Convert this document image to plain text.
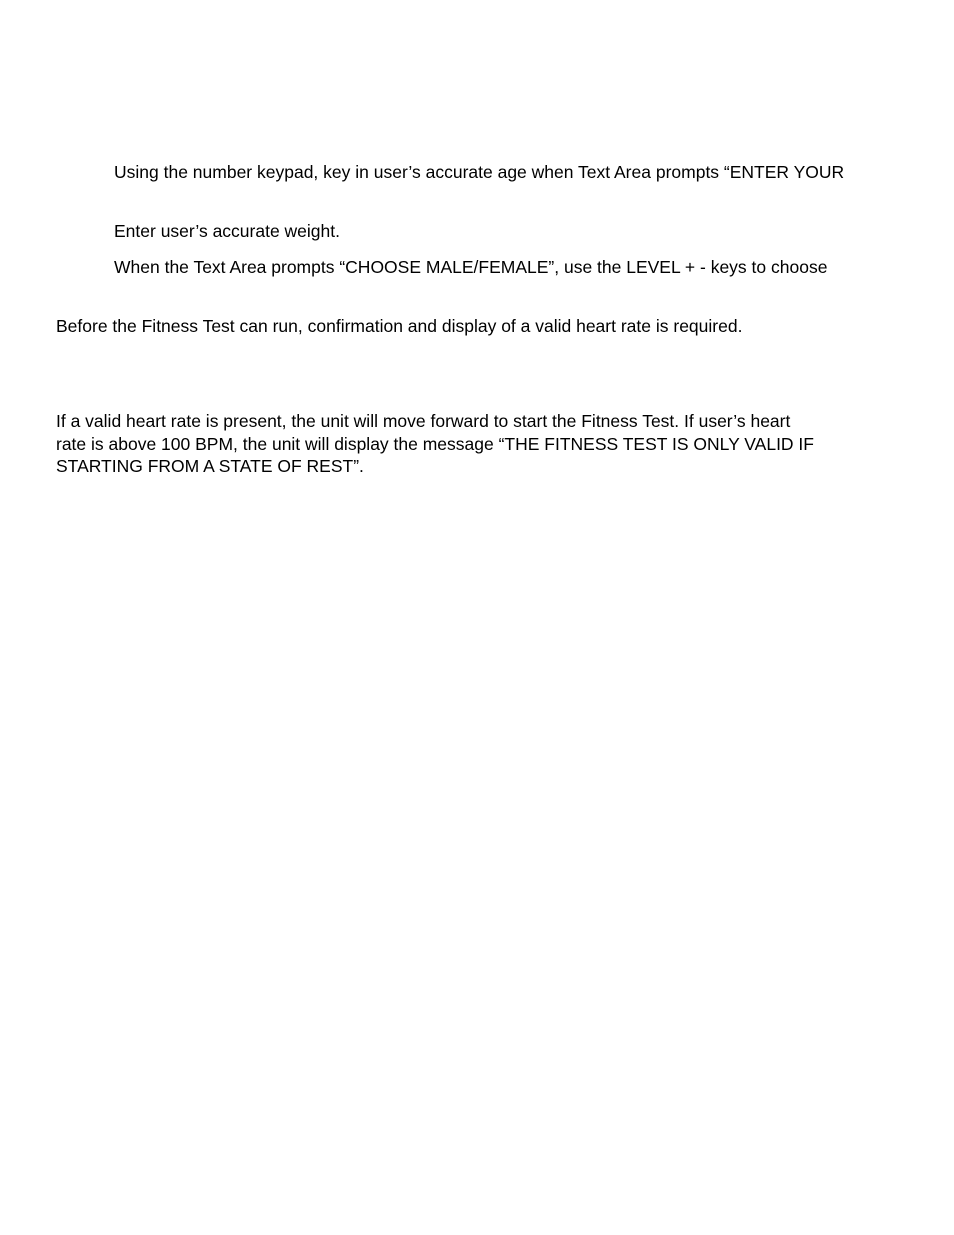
Using the number keypad, key in user’s accurate age when Text Area prompts “ENTER YOUR
Enter user’s accurate weight.
When the Text Area prompts “CHOOSE MALE/FEMALE”, use the LEVEL + - keys to choose
Before the Fitness Test can run, confirmation and display of a valid heart rate is required.
If a valid heart rate is present, the unit will move forward to start the Fitness Test. If user’s heart
rate is above 100 BPM, the unit will display the message “THE FITNESS TEST IS ONLY VALID IF
STARTING FROM A STATE OF REST”.
